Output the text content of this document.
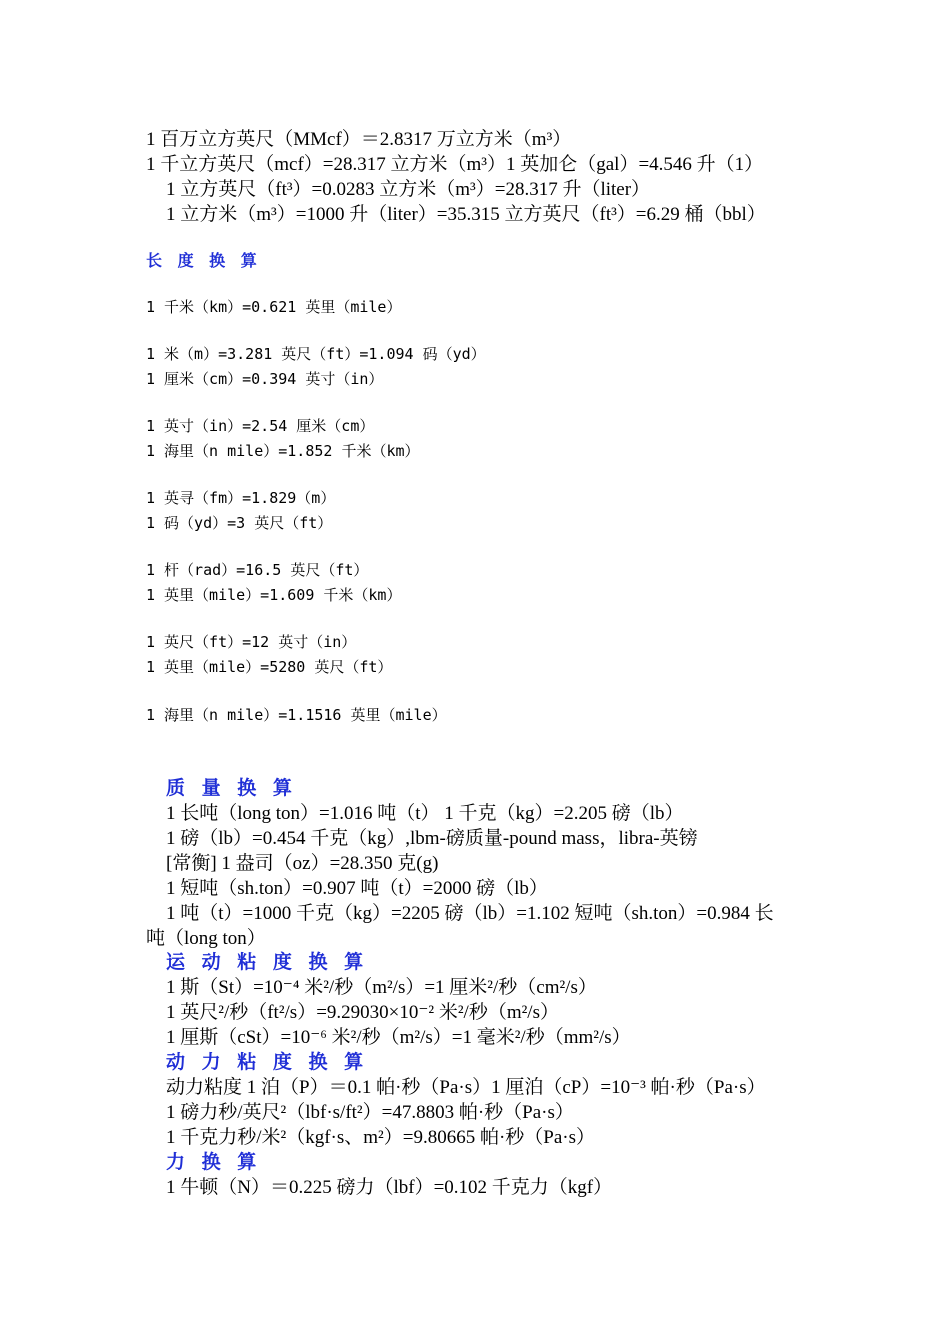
1 百万立方英尺（MMcf）＝2.8317 万立方米（m³）
1 千立方英尺（mcf）=28.317 立方米（m³）1 英加仑（gal）=4.546 升（1）
1 立方英尺（ft³）=0.0283 立方米（m³）=28.317 升（liter）
1 立方米（m³）=1000 升（liter）=35.315 立方英尺（ft³）=6.29 桶（bbl）
长 度 换 算
1 千米（km）=0.621 英里（mile）
1 米（m）=3.281 英尺（ft）=1.094 码（yd）
1 厘米（cm）=0.394 英寸（in）
1 英寸（in）=2.54 厘米（cm）
1 海里（n mile）=1.852 千米（km）
1 英寻（fm）=1.829（m）
1 码（yd）=3 英尺（ft）
1 杆（rad）=16.5 英尺（ft）
1 英里（mile）=1.609 千米（km）
1 英尺（ft）=12 英寸（in）
1 英里（mile）=5280 英尺（ft）
1 海里（n mile）=1.1516 英里（mile）
质 量 换 算
1 长吨（long ton）=1.016 吨（t） 1 千克（kg）=2.205 磅（lb）
1 磅（lb）=0.454 千克（kg）,lbm-磅质量-pound mass，libra-英镑
[常衡] 1 盎司（oz）=28.350 克(g)
1 短吨（sh.ton）=0.907 吨（t）=2000 磅（lb）
1 吨（t）=1000 千克（kg）=2205 磅（lb）=1.102 短吨（sh.ton）=0.984 长
吨（long ton）
运 动 粘 度 换 算
1 斯（St）=10⁻⁴ 米²/秒（m²/s）=1 厘米²/秒（cm²/s）
1 英尺²/秒（ft²/s）=9.29030×10⁻² 米²/秒（m²/s）
1 厘斯（cSt）=10⁻⁶ 米²/秒（m²/s）=1 毫米²/秒（mm²/s）
动 力 粘 度 换 算
动力粘度 1 泊（P）＝0.1 帕·秒（Pa·s）1 厘泊（cP）=10⁻³ 帕·秒（Pa·s）
1 磅力秒/英尺²（lbf·s/ft²）=47.8803 帕·秒（Pa·s）
1 千克力秒/米²（kgf·s、m²）=9.80665 帕·秒（Pa·s）
力 换 算
1 牛顿（N）＝0.225 磅力（lbf）=0.102 千克力（kgf）
